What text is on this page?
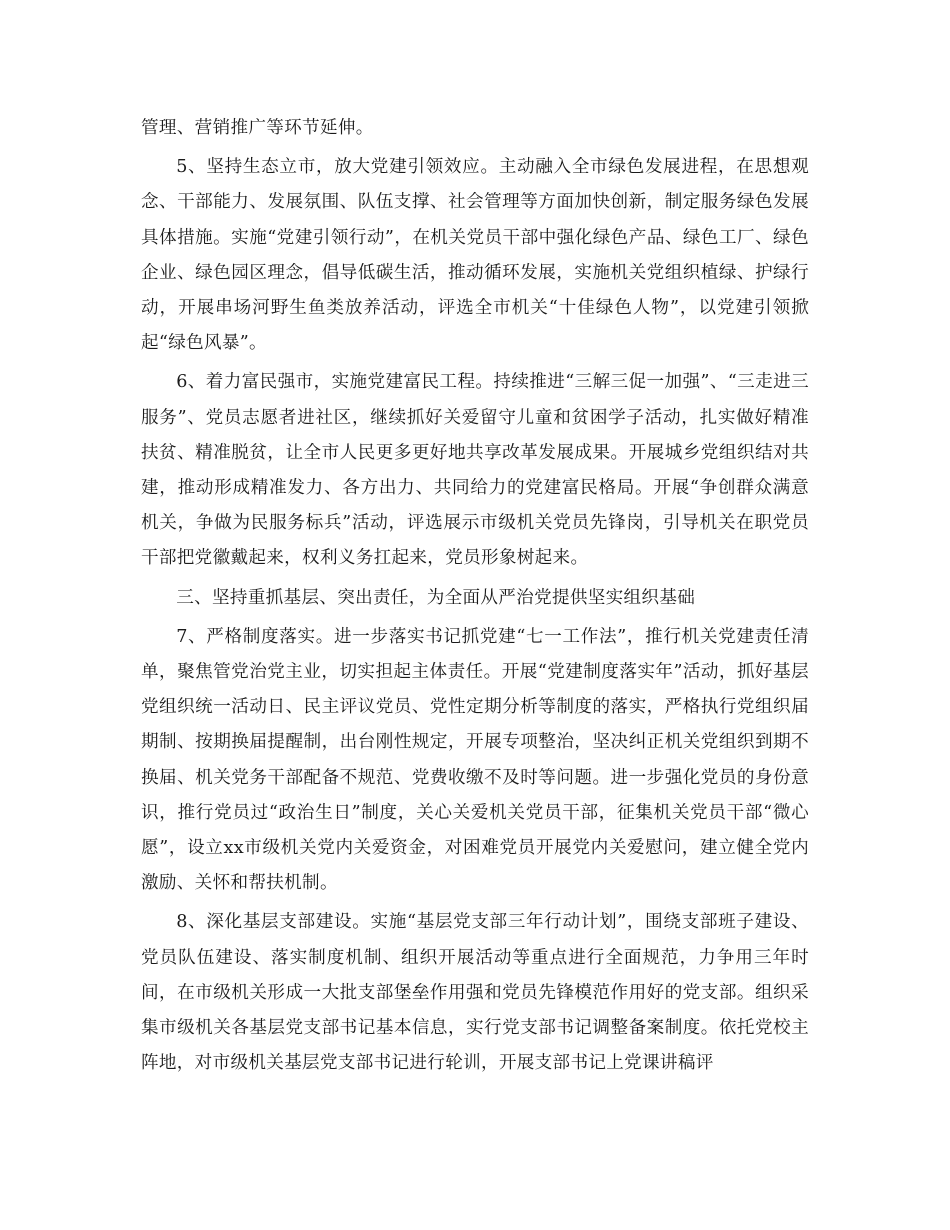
管理、营销推广等环节延伸。

5、坚持生态立市，放大党建引领效应。主动融入全市绿色发展进程，在思想观念、干部能力、发展氛围、队伍支撑、社会管理等方面加快创新，制定服务绿色发展具体措施。实施“党建引领行动”，在机关党员干部中强化绿色产品、绿色工厂、绿色企业、绿色园区理念，倡导低碳生活，推动循环发展，实施机关党组织植绿、护绿行动，开展串场河野生鱼类放养活动，评选全市机关“十佳绿色人物”，以党建引领掀起“绿色风暴”。

6、着力富民强市，实施党建富民工程。持续推进“三解三促一加强”、“三走进三服务”、党员志愿者进社区，继续抓好关爱留守儿童和贫困学子活动，扎实做好精准扶贫、精准脱贫，让全市人民更多更好地共享改革发展成果。开展城乡党组织结对共建，推动形成精准发力、各方出力、共同给力的党建富民格局。开展“争创群众满意机关，争做为民服务标兵”活动，评选展示市级机关党员先锋岗，引导机关在职党员干部把党徽戴起来，权利义务扛起来，党员形象树起来。

三、坚持重抓基层、突出责任，为全面从严治党提供坚实组织基础

7、严格制度落实。进一步落实书记抓党建“七一工作法”，推行机关党建责任清单，聚焦管党治党主业，切实担起主体责任。开展“党建制度落实年”活动，抓好基层党组织统一活动日、民主评议党员、党性定期分析等制度的落实，严格执行党组织届期制、按期换届提醒制，出台刚性规定，开展专项整治，坚决纠正机关党组织到期不换届、机关党务干部配备不规范、党费收缴不及时等问题。进一步强化党员的身份意识，推行党员过“政治生日”制度，关心关爱机关党员干部，征集机关党员干部“微心愿”，设立xx市级机关党内关爱资金，对困难党员开展党内关爱慰问，建立健全党内激励、关怀和帮扶机制。

8、深化基层支部建设。实施“基层党支部三年行动计划”，围绕支部班子建设、党员队伍建设、落实制度机制、组织开展活动等重点进行全面规范，力争用三年时间，在市级机关形成一大批支部堡垒作用强和党员先锋模范作用好的党支部。组织采集市级机关各基层党支部书记基本信息，实行党支部书记调整备案制度。依托党校主阵地，对市级机关基层党支部书记进行轮训，开展支部书记上党课讲稿评
